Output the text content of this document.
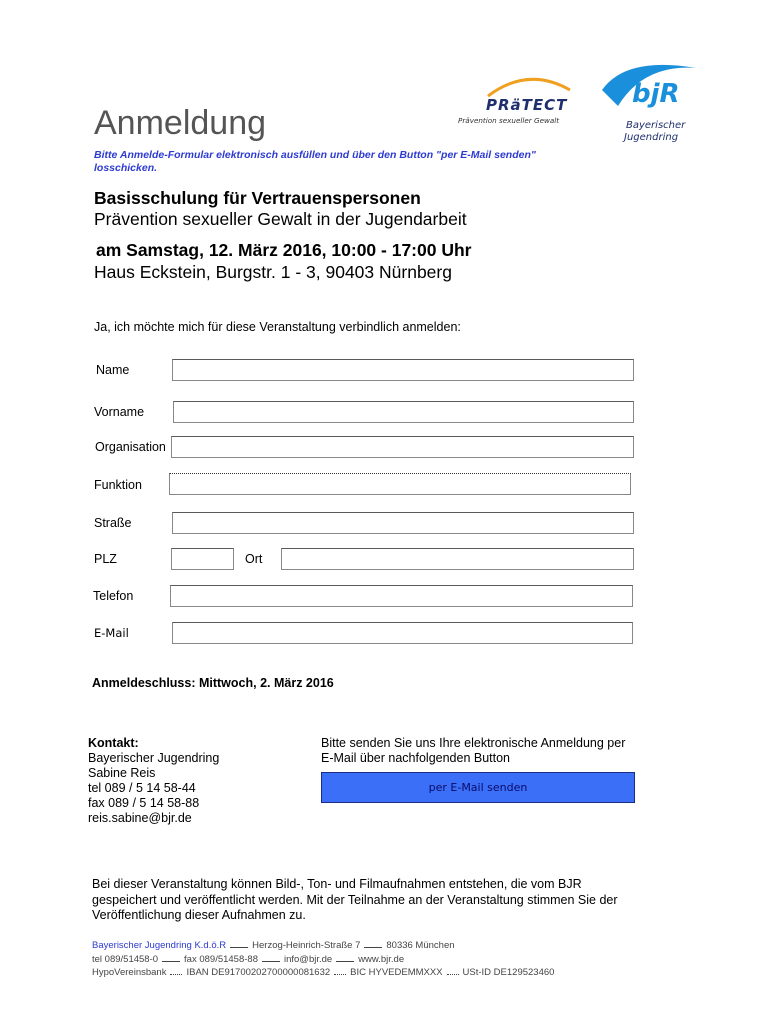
Anmeldung	PRäTECT
Prävention sexueller Gewalt
bjR
Bayerischer
Jugendring
Bitte Anmelde-Formular elektronisch ausfüllen und über den Button "per E-Mail senden" losschicken.
Basisschulung für Vertrauenspersonen
Prävention sexueller Gewalt in der Jugendarbeit
am Samstag, 12. März 2016, 10:00 - 17:00 Uhr
Haus Eckstein, Burgstr. 1 - 3, 90403 Nürnberg
Ja, ich möchte mich für diese Veranstaltung verbindlich anmelden:
Name
Vorname
Organisation
Funktion
Straße
PLZ	Ort
Telefon
E-Mail
Anmeldeschluss: Mittwoch, 2. März 2016
Kontakt:
Bayerischer Jugendring
Sabine Reis
tel 089 / 5 14 58-44
fax 089 / 5 14 58-88
reis.sabine@bjr.de
Bitte senden Sie uns Ihre elektronische Anmeldung per E-Mail über nachfolgenden Button
per E-Mail senden
Bei dieser Veranstaltung können Bild-, Ton- und Filmaufnahmen entstehen, die vom BJR gespeichert und veröffentlicht werden. Mit der Teilnahme an der Veranstaltung stimmen Sie der Veröffentlichung dieser Aufnahmen zu.
Bayerischer Jugendring K.d.ö.R	Herzog-Heinrich-Straße 7	80336 München
tel 089/51458-0	fax 089/51458-88	info@bjr.de	www.bjr.de
HypoVereinsbank IBAN DE91700202700000081632 BIC HYVEDEMMXXX USt-ID DE129523460
